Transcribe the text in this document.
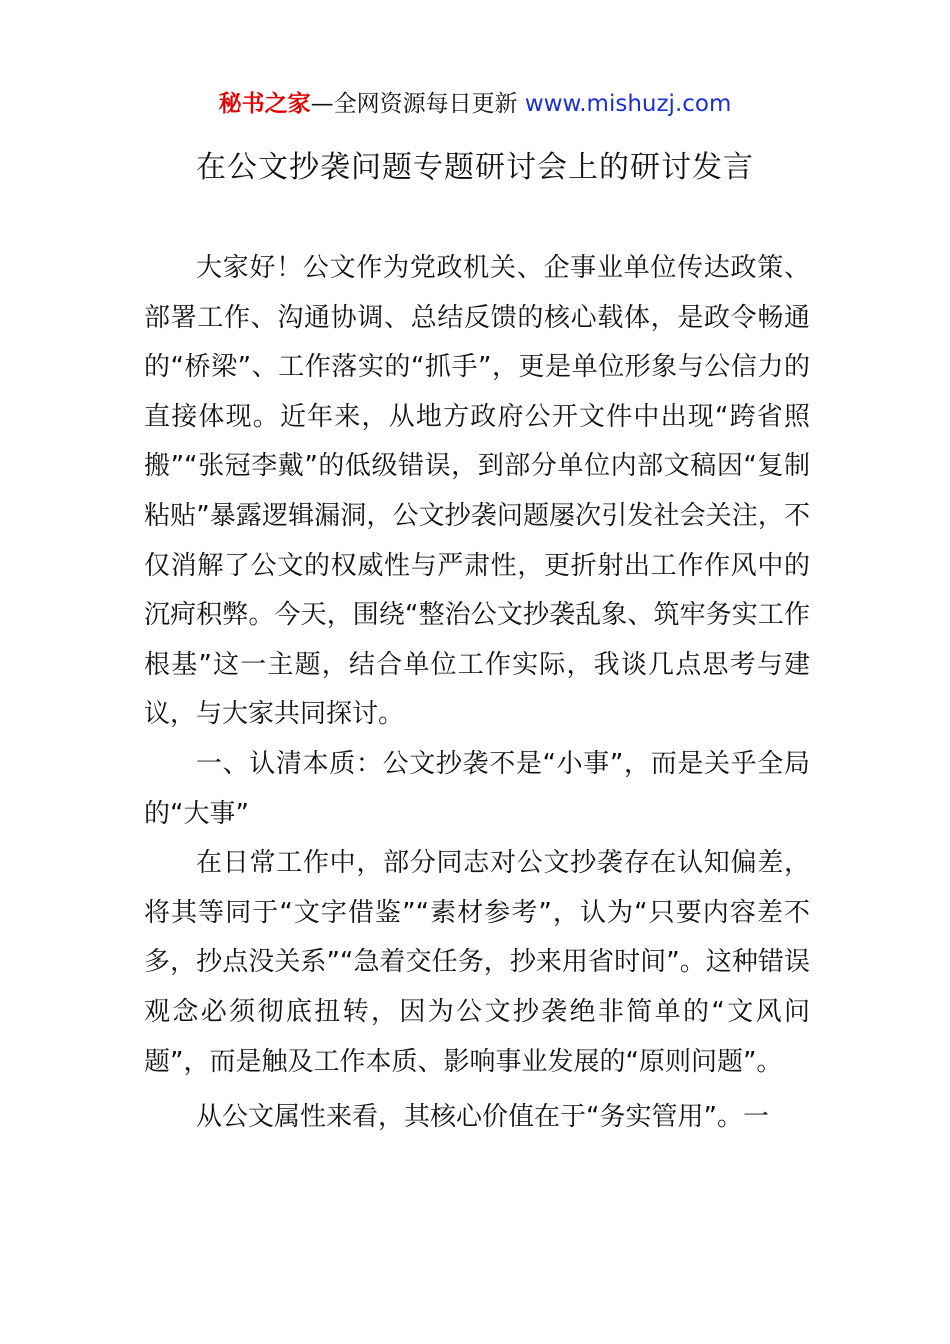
秘书之家—全网资源每日更新 www.mishuzj.com
在公文抄袭问题专题研讨会上的研讨发言

大家好！公文作为党政机关、企事业单位传达政策、部署工作、沟通协调、总结反馈的核心载体，是政令畅通的“桥梁”、工作落实的“抓手”，更是单位形象与公信力的直接体现。近年来，从地方政府公开文件中出现“跨省照搬”“张冠李戴”的低级错误，到部分单位内部文稿因“复制粘贴”暴露逻辑漏洞，公文抄袭问题屡次引发社会关注，不仅消解了公文的权威性与严肃性，更折射出工作作风中的沉疴积弊。今天，围绕“整治公文抄袭乱象、筑牢务实工作根基”这一主题，结合单位工作实际，我谈几点思考与建议，与大家共同探讨。

一、认清本质：公文抄袭不是“小事”，而是关乎全局的“大事”

在日常工作中，部分同志对公文抄袭存在认知偏差，将其等同于“文字借鉴”“素材参考”，认为“只要内容差不多，抄点没关系”“急着交任务，抄来用省时间”。这种错误观念必须彻底扭转，因为公文抄袭绝非简单的“文风问题”，而是触及工作本质、影响事业发展的“原则问题”。

从公文属性来看，其核心价值在于“务实管用”。一
